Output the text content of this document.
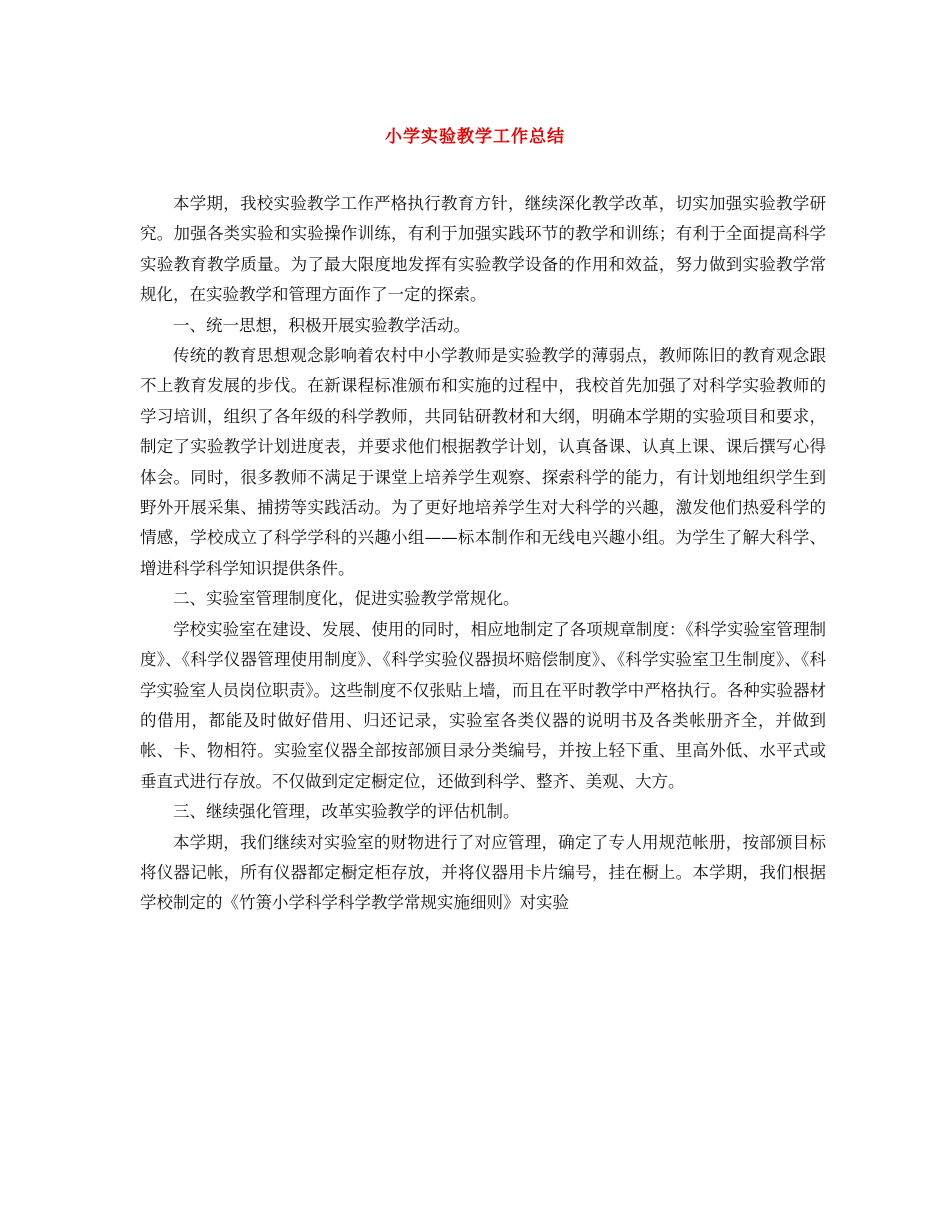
小学实验教学工作总结

本学期，我校实验教学工作严格执行教育方针，继续深化教学改革，切实加强实验教学研究。加强各类实验和实验操作训练，有利于加强实践环节的教学和训练；有利于全面提高科学实验教育教学质量。为了最大限度地发挥有实验教学设备的作用和效益，努力做到实验教学常规化，在实验教学和管理方面作了一定的探索。

一、统一思想，积极开展实验教学活动。

传统的教育思想观念影响着农村中小学教师是实验教学的薄弱点，教师陈旧的教育观念跟不上教育发展的步伐。在新课程标准颁布和实施的过程中，我校首先加强了对科学实验教师的学习培训，组织了各年级的科学教师，共同钻研教材和大纲，明确本学期的实验项目和要求，制定了实验教学计划进度表，并要求他们根据教学计划，认真备课、认真上课、课后撰写心得体会。同时，很多教师不满足于课堂上培养学生观察、探索科学的能力，有计划地组织学生到野外开展采集、捕捞等实践活动。为了更好地培养学生对大科学的兴趣，激发他们热爱科学的情感，学校成立了科学学科的兴趣小组——标本制作和无线电兴趣小组。为学生了解大科学、增进科学科学知识提供条件。

二、实验室管理制度化，促进实验教学常规化。

学校实验室在建设、发展、使用的同时，相应地制定了各项规章制度：《科学实验室管理制度》、《科学仪器管理使用制度》、《科学实验仪器损坏赔偿制度》、《科学实验室卫生制度》、《科学实验室人员岗位职责》。这些制度不仅张贴上墙，而且在平时教学中严格执行。各种实验器材的借用，都能及时做好借用、归还记录，实验室各类仪器的说明书及各类帐册齐全，并做到帐、卡、物相符。实验室仪器全部按部颁目录分类编号，并按上轻下重、里高外低、水平式或垂直式进行存放。不仅做到定定橱定位，还做到科学、整齐、美观、大方。

三、继续强化管理，改革实验教学的评估机制。

本学期，我们继续对实验室的财物进行了对应管理，确定了专人用规范帐册，按部颁目标将仪器记帐，所有仪器都定橱定柜存放，并将仪器用卡片编号，挂在橱上。本学期，我们根据学校制定的《竹箦小学科学科学教学常规实施细则》对实验
